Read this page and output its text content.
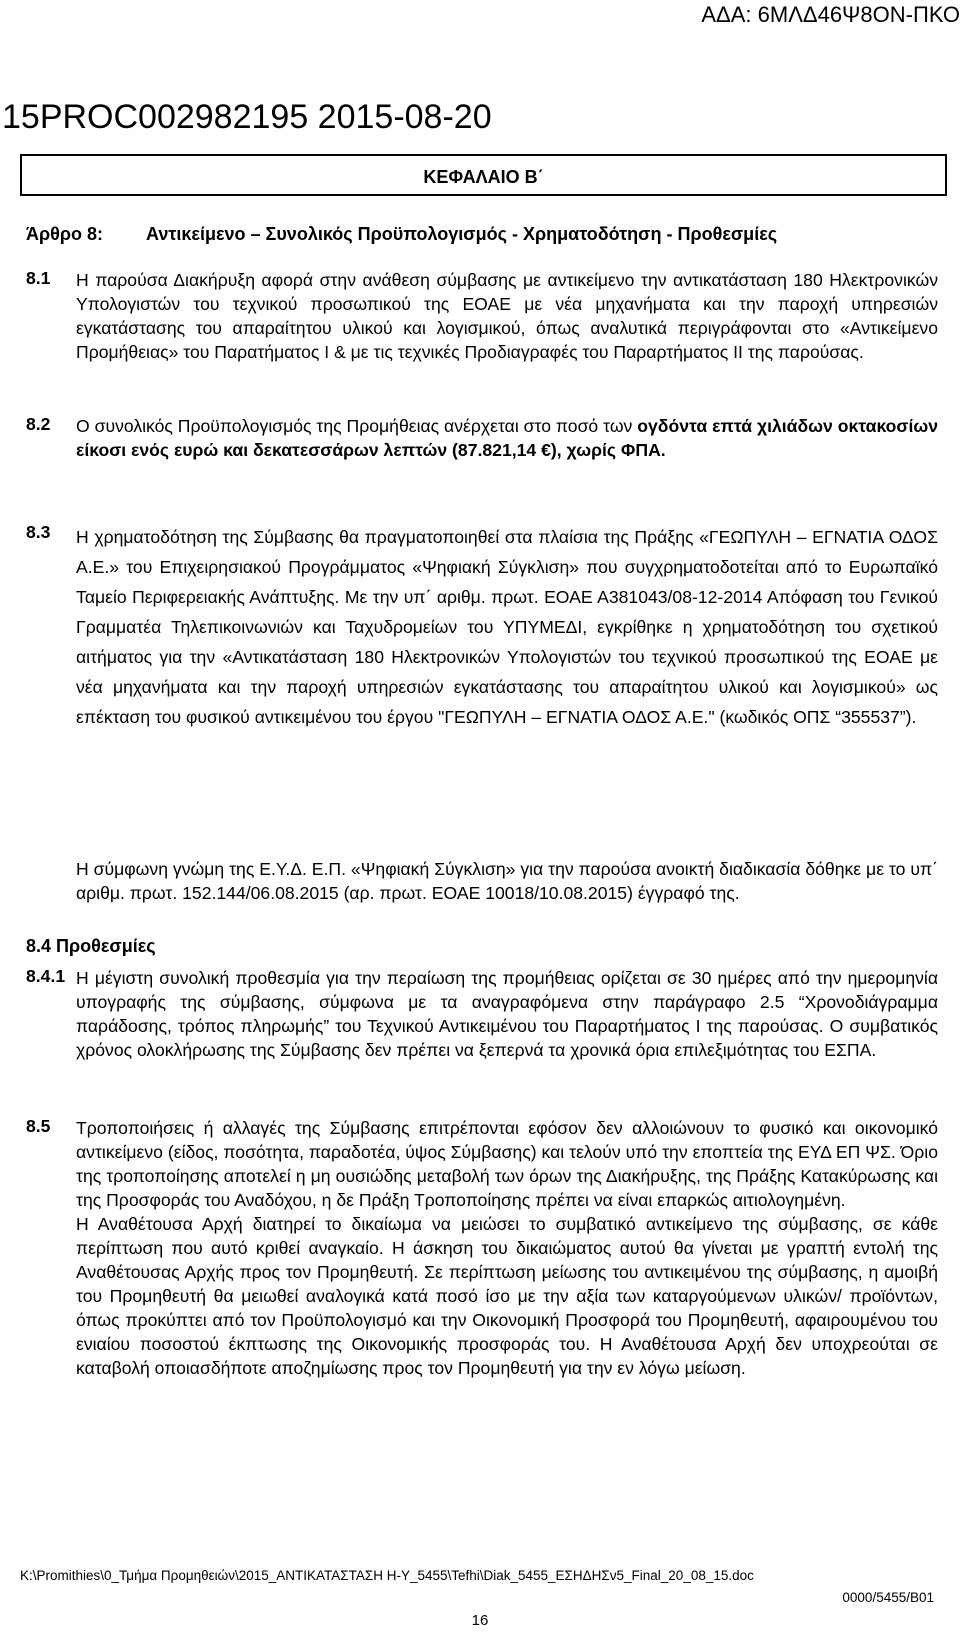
ΑΔΑ: 6ΜΛΔ46Ψ8ΟΝ-ΠΚΟ
15PROC002982195 2015-08-20
ΚΕΦΑΛΑΙΟ Β΄
Άρθρο 8: Αντικείμενο – Συνολικός Προϋπολογισμός - Χρηματοδότηση - Προθεσμίες
8.1 Η παρούσα Διακήρυξη αφορά στην ανάθεση σύμβασης με αντικείμενο την αντικατάσταση 180 Ηλεκτρονικών Υπολογιστών του τεχνικού προσωπικού της ΕΟΑΕ με νέα μηχανήματα και την παροχή υπηρεσιών εγκατάστασης του απαραίτητου υλικού και λογισμικού, όπως αναλυτικά περιγράφονται στο «Αντικείμενο Προμήθειας» του Παρατήματος Ι & με τις τεχνικές Προδιαγραφές του Παραρτήματος ΙΙ της παρούσας.
8.2 Ο συνολικός Προϋπολογισμός της Προμήθειας ανέρχεται στο ποσό των ογδόντα επτά χιλιάδων οκτακοσίων είκοσι ενός ευρώ και δεκατεσσάρων λεπτών (87.821,14 €), χωρίς ΦΠΑ.
8.3 Η χρηματοδότηση της Σύμβασης θα πραγματοποιηθεί στα πλαίσια της Πράξης «ΓΕΩΠΥΛΗ – ΕΓΝΑΤΙΑ ΟΔΟΣ Α.Ε.» του Επιχειρησιακού Προγράμματος «Ψηφιακή Σύγκλιση» που συγχρηματοδοτείται από το Ευρωπαϊκό Ταμείο Περιφερειακής Ανάπτυξης. Με την υπ΄ αριθμ. πρωτ. ΕΟΑΕ Α381043/08-12-2014 Απόφαση του Γενικού Γραμματέα Τηλεπικοινωνιών και Ταχυδρομείων του ΥΠΥΜΕΔΙ, εγκρίθηκε η χρηματοδότηση του σχετικού αιτήματος για την «Αντικατάσταση 180 Ηλεκτρονικών Υπολογιστών του τεχνικού προσωπικού της ΕΟΑΕ με νέα μηχανήματα και την παροχή υπηρεσιών εγκατάστασης του απαραίτητου υλικού και λογισμικού» ως επέκταση του φυσικού αντικειμένου του έργου "ΓΕΩΠΥΛΗ – ΕΓΝΑΤΙΑ ΟΔΟΣ Α.Ε." (κωδικός ΟΠΣ “355537”).
Η σύμφωνη γνώμη της Ε.Υ.Δ. Ε.Π. «Ψηφιακή Σύγκλιση» για την παρούσα ανοικτή διαδικασία δόθηκε με το υπ΄ αριθμ. πρωτ. 152.144/06.08.2015 (αρ. πρωτ. ΕΟΑΕ 10018/10.08.2015) έγγραφό της.
8.4 Προθεσμίες
8.4.1 Η μέγιστη συνολική προθεσμία για την περαίωση της προμήθειας ορίζεται σε 30 ημέρες από την ημερομηνία υπογραφής της σύμβασης, σύμφωνα με τα αναγραφόμενα στην παράγραφο 2.5 “Χρονοδιάγραμμα παράδοσης, τρόπος πληρωμής” του Τεχνικού Αντικειμένου του Παραρτήματος Ι της παρούσας. Ο συμβατικός χρόνος ολοκλήρωσης της Σύμβασης δεν πρέπει να ξεπερνά τα χρονικά όρια επιλεξιμότητας του ΕΣΠΑ.
8.5 Τροποποιήσεις ή αλλαγές της Σύμβασης επιτρέπονται εφόσον δεν αλλοιώνουν το φυσικό και οικονομικό αντικείμενο (είδος, ποσότητα, παραδοτέα, ύψος Σύμβασης) και τελούν υπό την εποπτεία της ΕΥΔ ΕΠ ΨΣ. Όριο της τροποποίησης αποτελεί η μη ουσιώδης μεταβολή των όρων της Διακήρυξης, της Πράξης Κατακύρωσης και της Προσφοράς του Αναδόχου, η δε Πράξη Τροποποίησης πρέπει να είναι επαρκώς αιτιολογημένη.

Η Αναθέτουσα Αρχή διατηρεί το δικαίωμα να μειώσει το συμβατικό αντικείμενο της σύμβασης, σε κάθε περίπτωση που αυτό κριθεί αναγκαίο. Η άσκηση του δικαιώματος αυτού θα γίνεται με γραπτή εντολή της Αναθέτουσας Αρχής προς τον Προμηθευτή. Σε περίπτωση μείωσης του αντικειμένου της σύμβασης, η αμοιβή του Προμηθευτή θα μειωθεί αναλογικά κατά ποσό ίσο με την αξία των καταργούμενων υλικών/ προϊόντων, όπως προκύπτει από τον Προϋπολογισμό και την Οικονομική Προσφορά του Προμηθευτή, αφαιρουμένου του ενιαίου ποσοστού έκπτωσης της Οικονομικής προσφοράς του. Η Αναθέτουσα Αρχή δεν υποχρεούται σε καταβολή οποιασδήποτε αποζημίωσης προς τον Προμηθευτή για την εν λόγω μείωση.

K:\Promithies\0_Τμήμα Προμηθειών\2015_ΑΝΤΙΚΑΤΑΣΤΑΣΗ Η-Υ_5455\Tefhi\Diak_5455_ΕΣΗΔΗΣν5_Final_20_08_15.doc
0000/5455/Β01
16
